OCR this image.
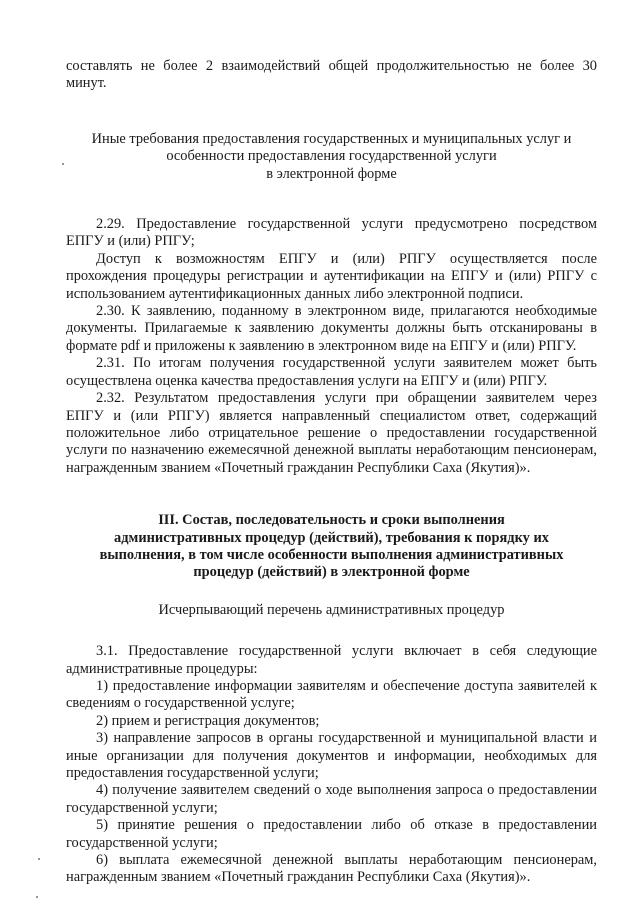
составлять не более 2 взаимодействий общей продолжительностью не более 30 минут.

Иные требования предоставления государственных и муниципальных услуг и
особенности предоставления государственной услуги
в электронной форме

2.29. Предоставление государственной услуги предусмотрено посредством ЕПГУ и (или) РПГУ;

Доступ к возможностям ЕПГУ и (или) РПГУ осуществляется после прохождения процедуры регистрации и аутентификации на ЕПГУ и (или) РПГУ с использованием аутентификационных данных либо электронной подписи.

2.30. К заявлению, поданному в электронном виде, прилагаются необходимые документы. Прилагаемые к заявлению документы должны быть отсканированы в формате pdf и приложены к заявлению в электронном виде на ЕПГУ и (или) РПГУ.

2.31. По итогам получения государственной услуги заявителем может быть осуществлена оценка качества предоставления услуги на ЕПГУ и (или) РПГУ.

2.32. Результатом предоставления услуги при обращении заявителем через ЕПГУ и (или РПГУ) является направленный специалистом ответ, содержащий положительное либо отрицательное решение о предоставлении государственной услуги по назначению ежемесячной денежной выплаты неработающим пенсионерам, награжденным званием «Почетный гражданин Республики Саха (Якутия)».

III. Состав, последовательность и сроки выполнения
административных процедур (действий), требования к порядку их
выполнения, в том числе особенности выполнения административных
процедур (действий) в электронной форме

Исчерпывающий перечень административных процедур

3.1. Предоставление государственной услуги включает в себя следующие административные процедуры:

1) предоставление информации заявителям и обеспечение доступа заявителей к сведениям о государственной услуге;

2) прием и регистрация документов;

3) направление запросов в органы государственной и муниципальной власти и иные организации для получения документов и информации, необходимых для предоставления государственной услуги;

4) получение заявителем сведений о ходе выполнения запроса о предоставлении государственной услуги;

5) принятие решения о предоставлении либо об отказе в предоставлении государственной услуги;

6) выплата ежемесячной денежной выплаты неработающим пенсионерам, награжденным званием «Почетный гражданин Республики Саха (Якутия)».
